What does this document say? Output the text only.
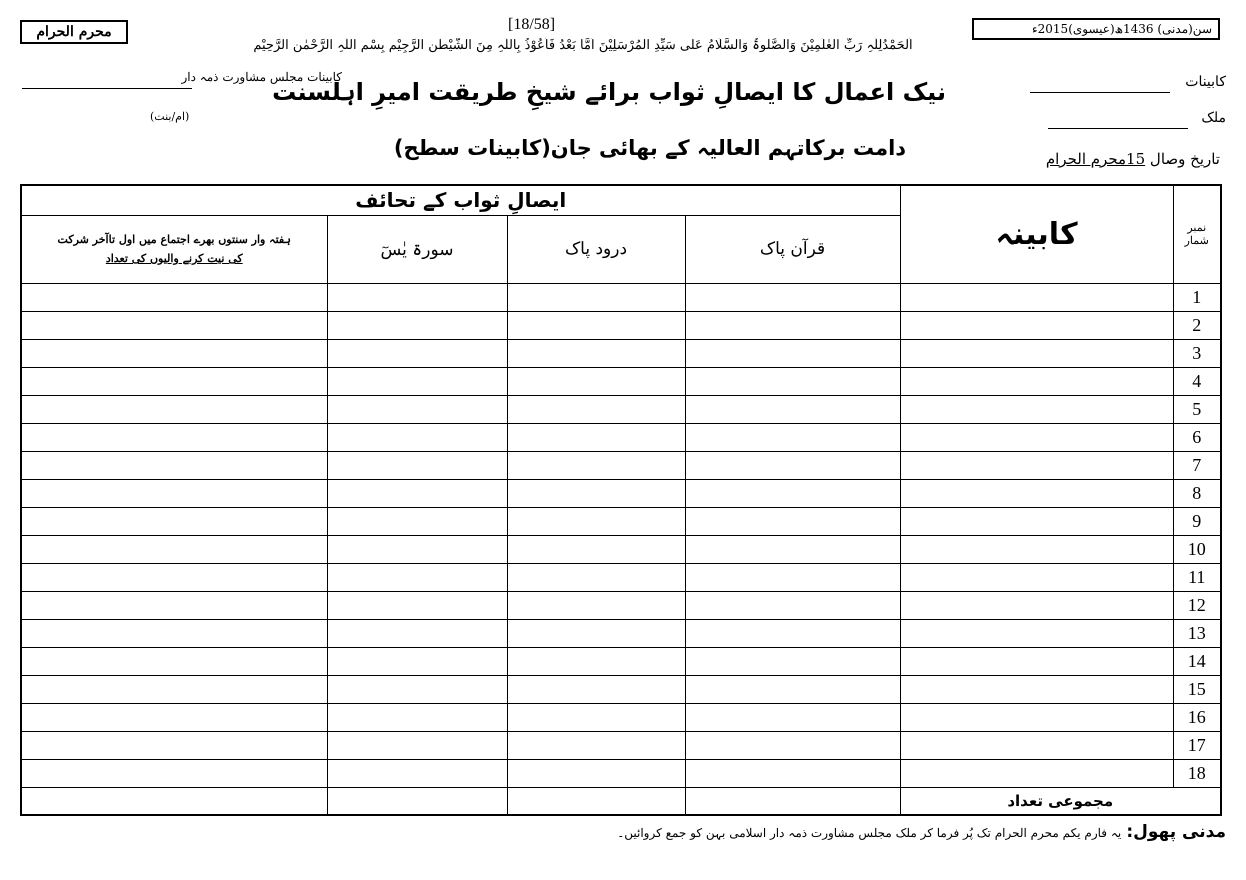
محرم الحرام	[18/58]	سن(مدنی) 1436ھ(عیسوی)2015ء
اَلْحَمْدُلِلّٰہِ رَبِّ الْعٰلَمِیْنَ وَالصَّلٰوۃُ وَالسَّلَامُ عَلٰی سَیِّدِ الْمُرْسَلِیْنَ اَمَّا بَعْدُ فَاَعُوْذُ بِاللّٰہِ مِنَ الشَّیْطٰنِ الرَّجِیْمِ بِسْمِ اللّٰہِ الرَّحْمٰنِ الرَّحِیْمِ
کابینات مجلس مشاورت ذمہ دار
(ام/بنت)
نیک اعمال کا ایصالِ ثواب برائے شیخِ طریقت امیرِ اہلسنت
دامت برکاتہم العالیہ کے بھائی جان(کابینات سطح)
کابینات
ملک
تاریخ وصال 15محرم الحرام
ایصالِ ثواب کے تحائف				کابینہ	نمبر شمار

ہفتہ وار سنتوں بھرے اجتماع میں اول تاآخر شرکت
کی نیت کرنے والیوں کی تعداد	سورۃ یٰسٓ	درود پاک	قرآن پاک		
					1
					2
					3
					4
					5
					6
					7
					8
					9
					10
					11
					12
					13
					14
					15
					16
					17
					18
				مجموعی تعداد	
مدنی پھول: یہ فارم یکم محرم الحرام تک پُر فرما کر ملک مجلس مشاورت ذمہ دار اسلامی بہن کو جمع کروائیں۔
